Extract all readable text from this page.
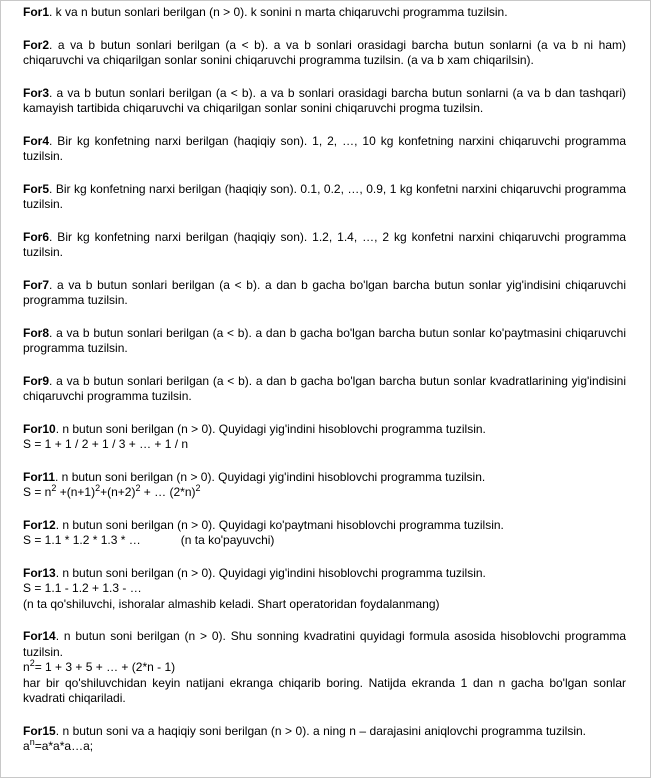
For1. k va n butun sonlari berilgan (n > 0). k sonini n marta chiqaruvchi programma tuzilsin.

For2. a va b butun sonlari berilgan (a < b). a va b sonlari orasidagi barcha butun sonlarni (a va b ni ham) chiqaruvchi va chiqarilgan sonlar sonini chiqaruvchi programma tuzilsin. (a va b xam chiqarilsin).

For3. a va b butun sonlari berilgan (a < b). a va b sonlari orasidagi barcha butun sonlarni (a va b dan tashqari) kamayish tartibida chiqaruvchi va chiqarilgan sonlar sonini chiqaruvchi progma tuzilsin.

For4. Bir kg konfetning narxi berilgan (haqiqiy son). 1, 2, …, 10 kg konfetning narxini chiqaruvchi programma tuzilsin.

For5. Bir kg konfetning narxi berilgan (haqiqiy son). 0.1, 0.2, …, 0.9, 1 kg konfetni narxini chiqaruvchi programma tuzilsin.

For6. Bir kg konfetning narxi berilgan (haqiqiy son). 1.2, 1.4, …, 2 kg konfetni narxini chiqaruvchi programma tuzilsin.

For7. a va b butun sonlari berilgan (a < b). a dan b gacha bo'lgan barcha butun sonlar yig'indisini chiqaruvchi programma tuzilsin.

For8. a va b butun sonlari berilgan (a < b). a dan b gacha bo'lgan barcha butun sonlar ko'paytmasini chiqaruvchi programma tuzilsin.

For9. a va b butun sonlari berilgan (a < b). a dan b gacha bo'lgan barcha butun sonlar kvadratlarining yig'indisini chiqaruvchi programma tuzilsin.

For10. n butun soni berilgan (n > 0). Quyidagi yig'indini hisoblovchi programma tuzilsin.

S = 1 + 1 / 2 + 1 / 3 + … + 1 / n

For11. n butun soni berilgan (n > 0). Quyidagi yig'indini hisoblovchi programma tuzilsin.

$S = n^2 +(n+1)^2+(n+2)^2$ + … $(2*n)^2$

For12. n butun soni berilgan (n > 0). Quyidagi ko'paytmani hisoblovchi programma tuzilsin.

S = 1.1 * 1.2 * 1.3 * …	(n ta ko'payuvchi)

For13. n butun soni berilgan (n > 0). Quyidagi yig'indini hisoblovchi programma tuzilsin.

S = 1.1 - 1.2 + 1.3 - …

(n ta qo'shiluvchi, ishoralar almashib keladi. Shart operatoridan foydalanmang)

For14. n butun soni berilgan (n > 0). Shu sonning kvadratini quyidagi formula asosida hisoblovchi programma tuzilsin.

$n^2= 1 + 3 + 5$ + … + (2*n - 1)

har bir qo'shiluvchidan keyin natijani ekranga chiqarib boring. Natijda ekranda 1 dan n gacha bo'lgan sonlar kvadrati chiqariladi.

For15. n butun soni va a haqiqiy soni berilgan (n > 0). a ning n – darajasini aniqlovchi programma $tuzilsin.a^n=a*a*a\dots a$;
